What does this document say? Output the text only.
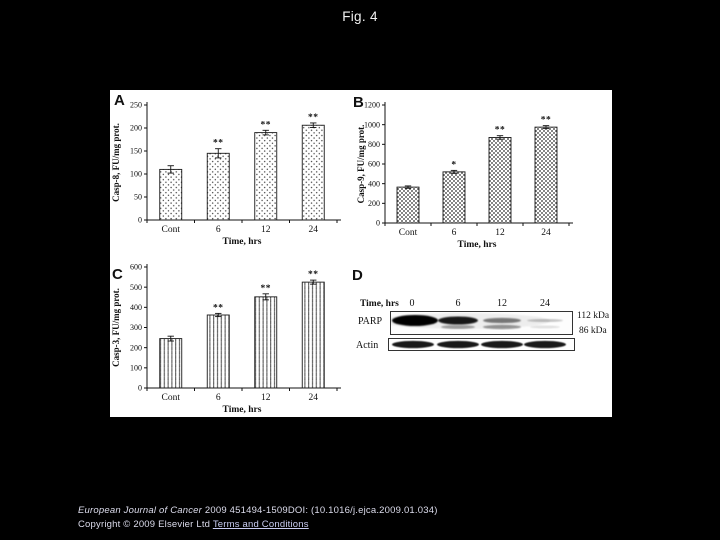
Fig. 4
A	B
C	D
0
50
100
150
200
250
Cont
**
6
**
12
**
24
Time, hrs
Casp-8, FU/mg prot.
0
200
400
600
800
1000
1200
Cont
*
6
**
12
**
24
Time, hrs
Casp-9, FU/mg prot.
0
100
200
300
400
500
600
Cont
**
6
**
12
**
24
Time, hrs
Casp-3, FU/mg prot.	Time, hrs	0	6	12	24
PARP	112 kDa
86 kDa
Actin
European Journal of Cancer 2009 451494-1509DOI: (10.1016/j.ejca.2009.01.034)
Copyright © 2009 Elsevier Ltd Terms and Conditions
